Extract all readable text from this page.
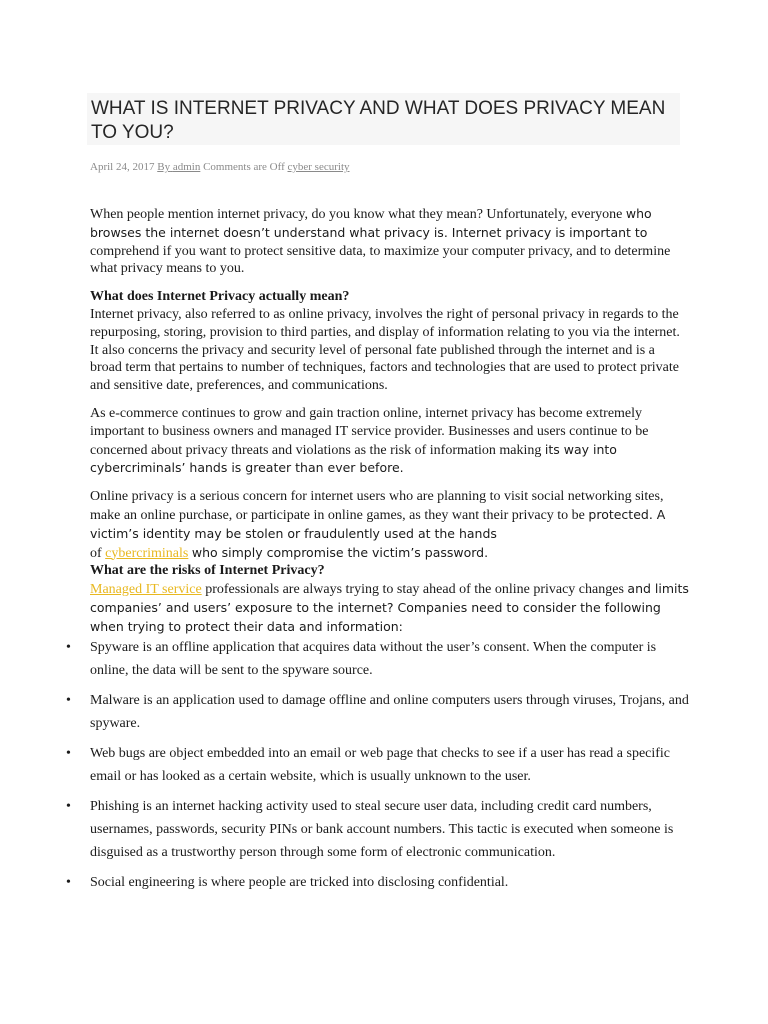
WHAT IS INTERNET PRIVACY AND WHAT DOES PRIVACY MEAN TO YOU?
April 24, 2017 By admin Comments are Off cyber security

When people mention internet privacy, do you know what they mean? Unfortunately, everyone who browses the internet doesn’t understand what privacy is. Internet privacy is important to comprehend if you want to protect sensitive data, to maximize your computer privacy, and to determine what privacy means to you.

What does Internet Privacy actually mean?
Internet privacy, also referred to as online privacy, involves the right of personal privacy in regards to the repurposing, storing, provision to third parties, and display of information relating to you via the internet. It also concerns the privacy and security level of personal fate published through the internet and is a broad term that pertains to number of techniques, factors and technologies that are used to protect private and sensitive date, preferences, and communications.

As e-commerce continues to grow and gain traction online, internet privacy has become extremely important to business owners and managed IT service provider. Businesses and users continue to be concerned about privacy threats and violations as the risk of information making its way into cybercriminals’ hands is greater than ever before.

Online privacy is a serious concern for internet users who are planning to visit social networking sites, make an online purchase, or participate in online games, as they want their privacy to be protected. A victim’s identity may be stolen or fraudulently used at the hands
of cybercriminals who simply compromise the victim’s password.

What are the risks of Internet Privacy?
Managed IT service professionals are always trying to stay ahead of the online privacy changes and limits companies’ and users’ exposure to the internet? Companies need to consider the following when trying to protect their data and information:

• Spyware is an offline application that acquires data without the user’s consent. When the computer is online, the data will be sent to the spyware source.
• Malware is an application used to damage offline and online computers users through viruses, Trojans, and spyware.
• Web bugs are object embedded into an email or web page that checks to see if a user has read a specific email or has looked as a certain website, which is usually unknown to the user.
• Phishing is an internet hacking activity used to steal secure user data, including credit card numbers, usernames, passwords, security PINs or bank account numbers. This tactic is executed when someone is disguised as a trustworthy person through some form of electronic communication.
• Social engineering is where people are tricked into disclosing confidential.
